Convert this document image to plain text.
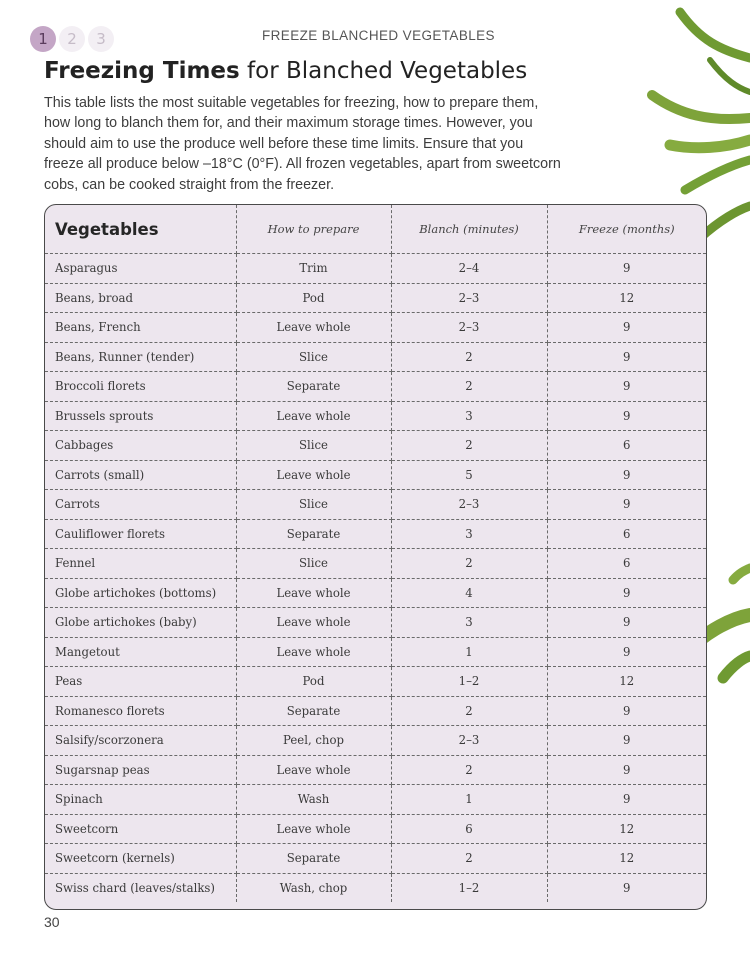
1	2	3	FREEZE BLANCHED VEGETABLES
Freezing Times for Blanched Vegetables

This table lists the most suitable vegetables for freezing, how to prepare them, how long to blanch them for, and their maximum storage times. However, you should aim to use the produce well before these time limits. Ensure that you freeze all produce below –18°C (0°F). All frozen vegetables, apart from sweetcorn cobs, can be cooked straight from the freezer.

Vegetables	How to prepare	Blanch (minutes)	Freeze (months)
Asparagus	Trim	2–4	9
Beans, broad	Pod	2–3	12
Beans, French	Leave whole	2–3	9
Beans, Runner (tender)	Slice	2	9
Broccoli florets	Separate	2	9
Brussels sprouts	Leave whole	3	9
Cabbages	Slice	2	6
Carrots (small)	Leave whole	5	9
Carrots	Slice	2–3	9
Cauliflower florets	Separate	3	6
Fennel	Slice	2	6
Globe artichokes (bottoms)	Leave whole	4	9
Globe artichokes (baby)	Leave whole	3	9
Mangetout	Leave whole	1	9
Peas	Pod	1–2	12
Romanesco florets	Separate	2	9
Salsify/scorzonera	Peel, chop	2–3	9
Sugarsnap peas	Leave whole	2	9
Spinach	Wash	1	9
Sweetcorn	Leave whole	6	12
Sweetcorn (kernels)	Separate	2	12
Swiss chard (leaves/stalks)	Wash, chop	1–2	9
30
